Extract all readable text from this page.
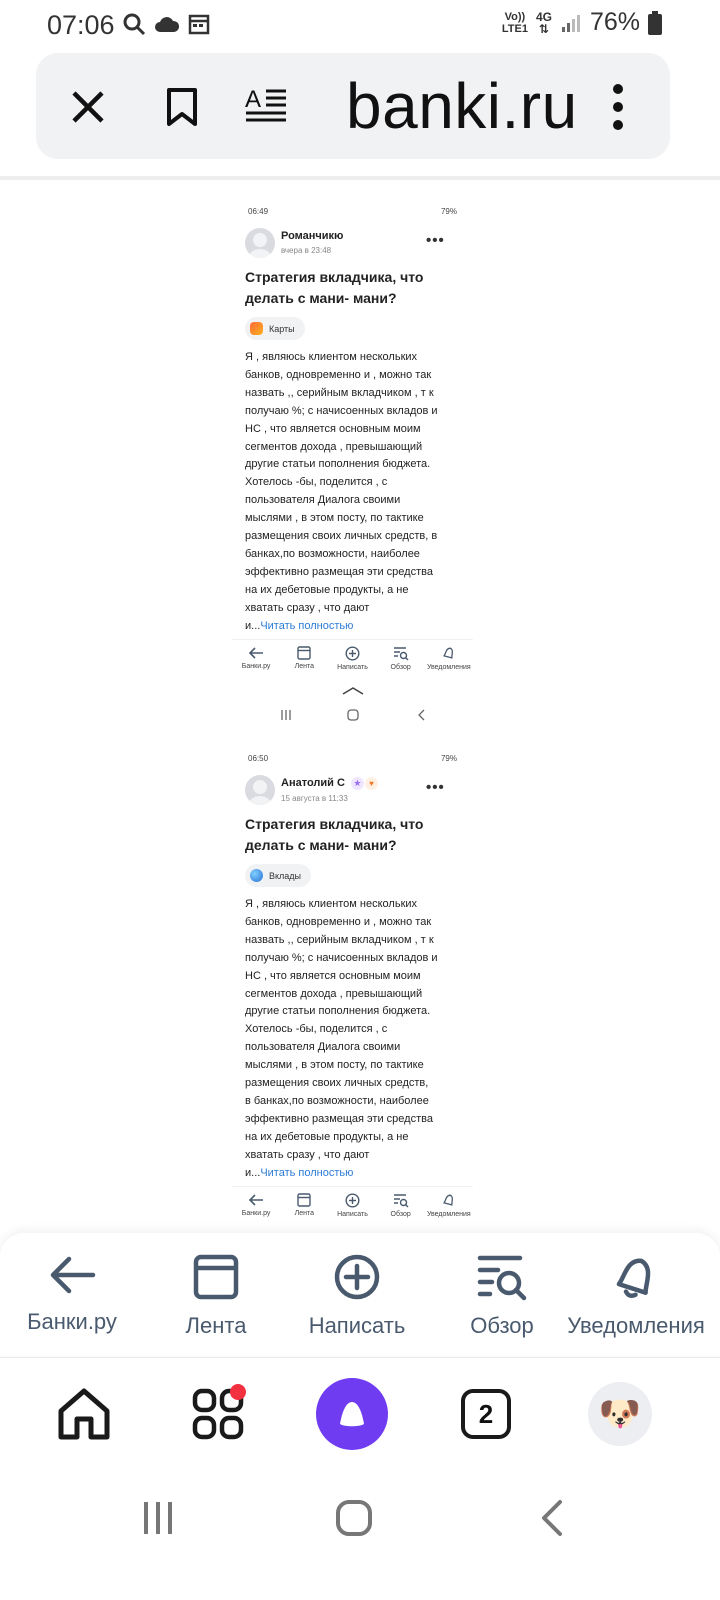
07:06	Vo))
LTE1
4G
⇅ 76%
A banki.ru
06:49	79%
Романчикю
вчера в 23:48
•••
Стратегия вкладчика, что делать с мани- мани?
Карты
Я , являюсь клиентом нескольких
банков, одновременно и , можно так
назвать ,, серийным вкладчиком , т к
получаю %; с начисоенных вкладов и
НС , что является основным моим
сегментов дохода , превышающий
другие статьи пополнения бюджета.
Хотелось -бы, поделится , с
пользователя Диалога своими
мыслями , в этом посту, по тактике
размещения своих личных средств, в
банках,по возможности, наиболее
эффективно размещая эти средства
на их дебетовые продукты, а не
хватать сразу , что дают
и...Читать полностью
Банки.ру	Лента	Написать	Обзор Уведомления
06:50	79%
Анатолий С ★ ♥
15 августа в 11:33
•••
Стратегия вкладчика, что делать с мани- мани?
Вклады
Я , являюсь клиентом нескольких
банков, одновременно и , можно так
назвать ,, серийным вкладчиком , т к
получаю %; с начисоенных вкладов и
НС , что является основным моим
сегментов дохода , превышающий
другие статьи пополнения бюджета.
Хотелось -бы, поделится , с
пользователя Диалога своими
мыслями , в этом посту, по тактике
размещения своих личных средств,
в банках,по возможности, наиболее
эффективно размещая эти средства
на их дебетовые продукты, а не
хватать сразу , что дают
и...Читать полностью
Банки.ру	Лента	Написать	Обзор Уведомления
Банки.ру	Лента	Написать	Обзор Уведомления
2	🐶
